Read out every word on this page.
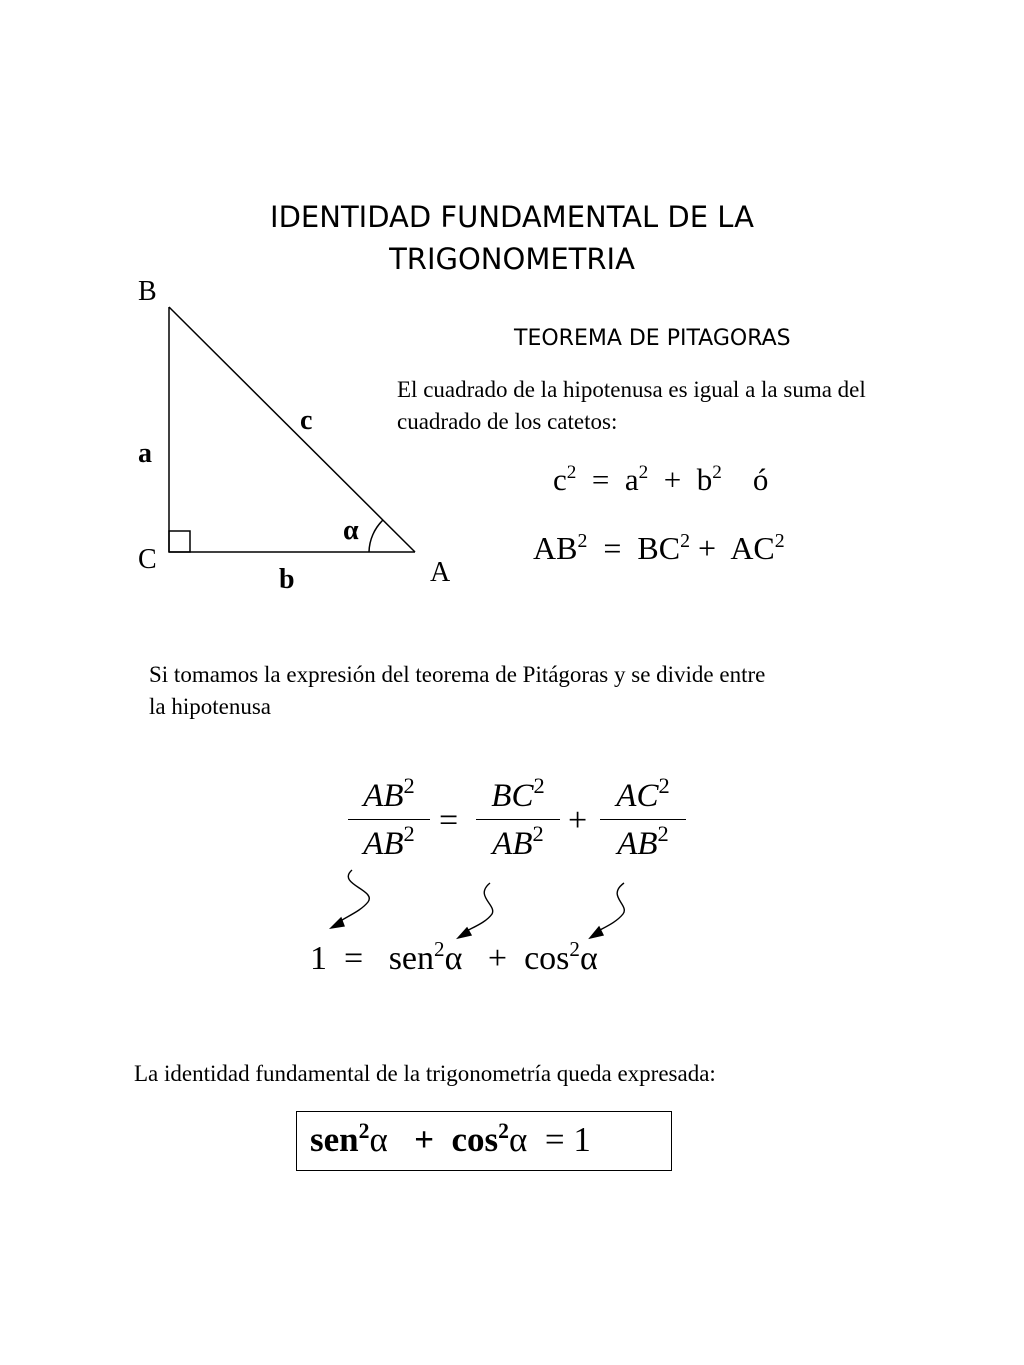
IDENTIDAD FUNDAMENTAL DE LA
TRIGONOMETRIA
B
C	A
a
b
c
α
TEOREMA DE PITAGORAS
El cuadrado de la hipotenusa es igual a la suma del
cuadrado de los catetos:
$c^2 = a^2 + b^2$ ó
$AB^2 = BC^2 + AC^2$
Si tomamos la expresión del teorema de Pitágoras y se divide entre
la hipotenusa
$\frac{AB^2}{AB^2} = \frac{BC^2}{AB^2} + \frac{AC^2}{AB^2}$
$1 = sen^2\alpha + \cos^2\alpha$
La identidad fundamental de la trigonometría queda expresada:
$sen^2\alpha + \cos^2\alpha = 1$
